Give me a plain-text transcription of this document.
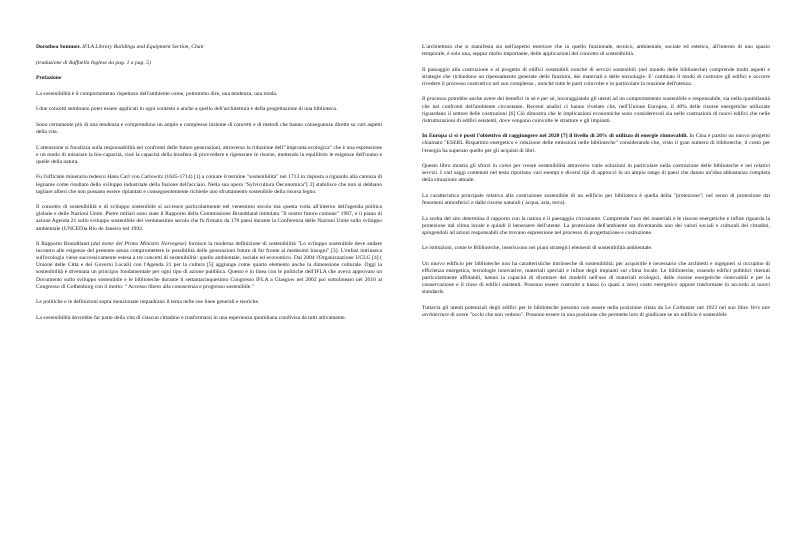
Dorothea Sommer. IFLA Library Buildings and Equipment Section, Chair

(traduzione di Raffaella Inglese da pag. 1 a pag. 5)

Prefazione

La sostenibilità è il comportamento rispettoso dell'ambiente come, potremmo dire, una tendenza, una moda.

I due concetti sembrano poter essere applicati in ogni contesto e anche a quello dell'architettura e della progettazione di una biblioteca.

Sono certamente più di una tendenza e comprendono un ampio e complesso insieme di concetti e di metodi che hanno conseguenze dirette su vari aspetti della vita.

L'attenzione si focalizza sulla responsabilità nei confronti delle future generazioni, attraverso la riduzione dell'"impronta ecologica" che è una espressione e un modo di misurare la bio-capacità, cioè la capacità della biosfera di provvedere e rigenerare le risorse, mettendo in equilibrio le esigenze dell'uomo e quelle della natura.

Fu l'ufficiale minerario tedesco Hans Carl von Carlowitz (1645-1714) [1] a coniare il termine "sostenibilità" nel 1713 in risposta a riguardo alla carenza di legname come risultato dello sviluppo industriale della fusione dell'acciaio. Nella sua opera "Sylvicultura Oeconomica"[ 2] stabilisce che non si debbano tagliare alberi che non possano essere ripiantati e conseguentemente richiede uno sfruttamento sostenibile della risorsa legno.

Il concetto di sostenibilità e di sviluppo sostenibile si accresce particolarmente nel ventesimo secolo ma questa volta all'interno dell'agenda politica globale e delle Nazioni Unite. Pietre miliari sono state il Rapporto della Commissione Brundtland intitolato "Il nostro futuro comune" 1987, e il piano di azione Agenda 21 sullo sviluppo sostenibile del ventunesimo secolo che fu firmato da 178 paesi durante la Conferenza delle Nazioni Unite sullo sviluppo ambientale (UNCED)a Rio de Janeiro nel 1992.

Il Rapporto Brundtland (dal nome del Primo Ministro Norvegese) fornisce la moderna definizione di sostenibilità "Lo sviluppo sostenibile deve andare incontro alle esigenze del presente senza compromettere le possibilità delle generazioni future di far fronte ai medesimi bisogni" [3]. L'enfasi intrinseca sull'ecologia viene successivamente estesa a tre concetti di sostenibilità: quello ambientale, sociale ed economico. Dal 2004 l'Organizzazione UCLG [4] ( Unione delle Città e dei Governi Locali) con l'Agenda 21 per la cultura [5] aggiunge come quarto elemento anche la dimensione culturale. Oggi la sostenibilità è diventata un principio fondamentale per ogni tipo di azione pubblica. Questo è in linea con le politiche dell'IFLA che aveva approvato un Documento sullo sviluppo sostenibile e le biblioteche durante il settantacinquesimo Congresso IFLA a Glasgow nel 2002 poi sottolineato nel 2010 al Congresso di Gothenburg con il motto: " Accesso libero alla conoscenza e progresso sostenibile."

Le politiche e le definizioni sopra menzionate inquadrano il tema nelle sue linee generali e teoriche.

La sostenibilità dovrebbe far parte della vita di ciascun cittadino e trasformarsi in una esperienza quotidiana condivisa da tutti attivamente.

L'architettura che si manifesta sia nell'aspetto esteriore che in quello funzionale, tecnico, ambientale, sociale ed estetico, all'interno di uno spazio temporale, è solo una, seppur molto importante, delle applicazioni del concetto di sostenibilità.

Il passaggio alla costruzione e al progetto di edifici sostenibili nonché di servizi sostenibili (nel mondo delle biblioteche) comprende molti aspetti e strategie che richiedono un ripensamento generale delle funzioni, dei materiali e delle tecnologie. E' cambiato il modo di costruire gli edifici e occorre rivedere il processo costruttivo nel suo complesso , nonché tutte le parti coinvolte e in particolare la reazione dell'utenza.

Il processo potrebbe anche avere dei benefici in sé e per sé, incoraggiando gli utenti ad un comportamento sostenibile e responsabile, sia nella quotidianità che nei confronti dell'ambiente circostante. Recenti analisi ci hanno rivelato che, nell'Unione Europea, il 40% delle risorse energetiche utilizzate riguardano il settore delle costruzioni [6] Ciò dimostra che le implicazioni economiche sono considerevoli sia nelle costruzioni di nuovi edifici che nelle ristrutturazioni di edifici esistenti, dove vengono coinvolte le strutture e gli impianti.

In Europa ci si è posti l'obiettivo di raggiungere nel 2020 [7] il livello di 20% di utilizzo di energie rinnovabili. In Cina è partito un nuovo progetto chiamato "ESERL Risparmio energetico e riduzione delle emissioni nelle biblioteche" considerando che, visto il gran numero di biblioteche, il costo per l'energia ha superato quello per gli acquisti di libri.

Questo libro mostra gli sforzi in corso per creare sostenibilità attraverso varie soluzioni in particolare nella costruzione delle biblioteche e nei relativi servizi. I vari saggi contenuti nel testo riportano vari esempi e diversi tipi di approcci in un ampio range di paesi che danno un'idea abbastanza completa della situazione attuale.

La caratteristica principale relativa alla costruzione sostenibile di un edificio per biblioteca è quella della "protezione"; nel senso di protezione dai fenomeni atmosferici e dalle risorse naturali ( acqua, aria, terra).

La scelta del sito determina il rapporto con la natura e il paesaggio circostante. Comprende l'uso dei materiali e le risorse energetiche e infine riguarda la protezione dal clima locale e quindi il benessere dell'utente. La protezione dell'ambiente sta diventando uno dei valori sociali e culturali dei cittadini, spingendoli ad azioni responsabili che trovano espressione nel processo di progettazione e costruzione.

Le istituzioni, come le Biblioteche, inseriscono nei piani strategici elementi di sostenibilità ambientale.

Un nuovo edificio per biblioteche non ha caratteristiche intrinseche di sostenibilità; per acquisirle è necessario che architetti e ingegneri si occupino di efficienza energetica, tecnologie innovative, materiali speciali e infine degli impianti sul clima locale. Le biblioteche, essendo edifici pubblici ritenuti particolarmente affidabili, hanno la capacità di diventare dei modelli nell'uso di materiali ecologici, delle risorse energetiche rinnovabili e per la conservazione e il riuso di edifici esistenti. Possono essere costruite a basso (o quasi a zero) costo energetico oppure trasformate in accordo ai nuovi standards.

Tuttavia gli utenti potenziali degli edifici per le biblioteche possono non essere nella posizione citata da Le Corbusier nel 1923 nel suo libro Vers une architecture di avere "occhi che non vedono". Possono essere in una posizione che permette loro di giudicare se un edificio è sostenibile
